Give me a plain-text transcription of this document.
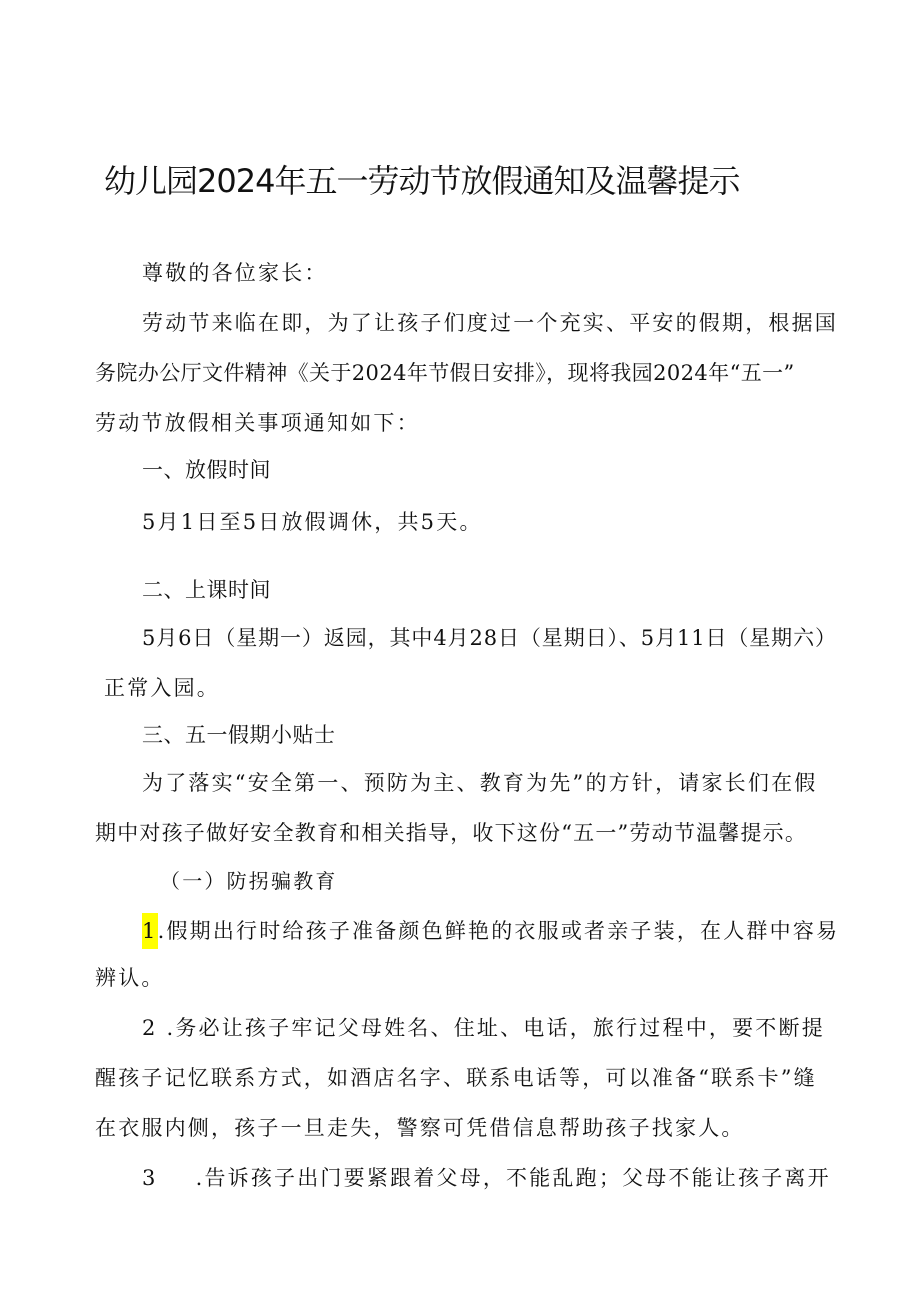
幼儿园2024年五一劳动节放假通知及温馨提示
尊敬的各位家长：
劳动节来临在即，为了让孩子们度过一个充实、平安的假期，根据国
务院办公厅文件精神《关于2024年节假日安排》，现将我园2024年“五一”
劳动节放假相关事项通知如下：
一、放假时间
5月1日至5日放假调休，共5天。
二、上课时间
5月6日（星期一）返园，其中4月28日（星期日）、5月11日（星期六）
正常入园。
三、五一假期小贴士
为了落实“安全第一、预防为主、教育为先”的方针，请家长们在假
期中对孩子做好安全教育和相关指导，收下这份“五一”劳动节温馨提示。
（一）防拐骗教育
1.假期出行时给孩子准备颜色鲜艳的衣服或者亲子装，在人群中容易
辨认。
2 .务必让孩子牢记父母姓名、住址、电话，旅行过程中，要不断提
醒孩子记忆联系方式，如酒店名字、联系电话等，可以准备“联系卡”缝
在衣服内侧，孩子一旦走失，警察可凭借信息帮助孩子找家人。
3 .告诉孩子出门要紧跟着父母，不能乱跑；父母不能让孩子离开
